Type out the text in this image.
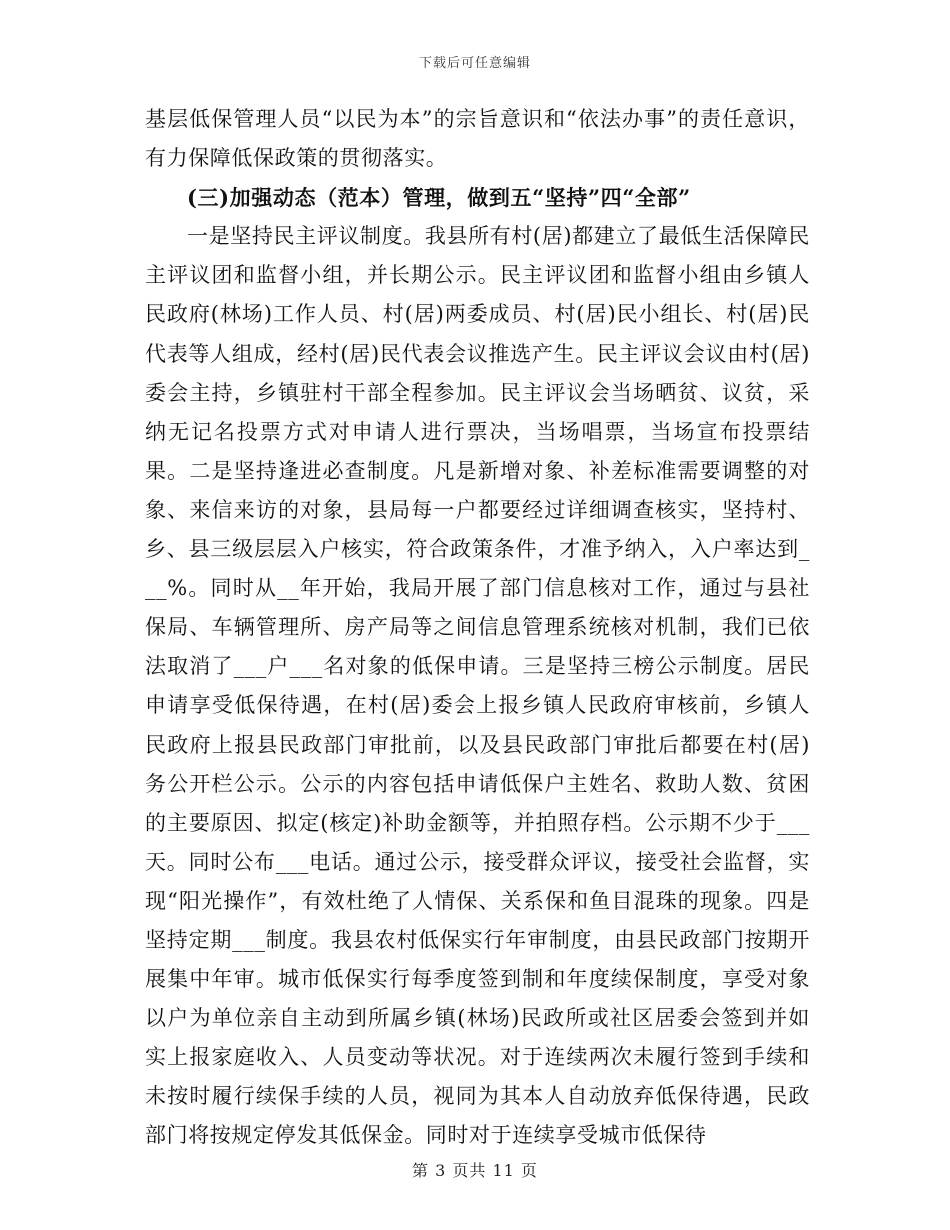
下载后可任意编辑

基层低保管理人员“以民为本”的宗旨意识和“依法办事”的责任意识，有力保障低保政策的贯彻落实。

(三)加强动态（范本）管理，做到五“坚持”四“全部”

一是坚持民主评议制度。我县所有村(居)都建立了最低生活保障民主评议团和监督小组，并长期公示。民主评议团和监督小组由乡镇人民政府(林场)工作人员、村(居)两委成员、村(居)民小组长、村(居)民代表等人组成，经村(居)民代表会议推选产生。民主评议会议由村(居)委会主持，乡镇驻村干部全程参加。民主评议会当场晒贫、议贫，采纳无记名投票方式对申请人进行票决，当场唱票，当场宣布投票结果。二是坚持逢进必查制度。凡是新增对象、补差标准需要调整的对象、来信来访的对象，县局每一户都要经过详细调查核实，坚持村、乡、县三级层层入户核实，符合政策条件，才准予纳入，入户率达到___%。同时从__年开始，我局开展了部门信息核对工作，通过与县社保局、车辆管理所、房产局等之间信息管理系统核对机制，我们已依法取消了___户___名对象的低保申请。三是坚持三榜公示制度。居民申请享受低保待遇，在村(居)委会上报乡镇人民政府审核前，乡镇人民政府上报县民政部门审批前，以及县民政部门审批后都要在村(居)务公开栏公示。公示的内容包括申请低保户主姓名、救助人数、贫困的主要原因、拟定(核定)补助金额等，并拍照存档。公示期不少于___天。同时公布___电话。通过公示，接受群众评议，接受社会监督，实现“阳光操作”，有效杜绝了人情保、关系保和鱼目混珠的现象。四是坚持定期___制度。我县农村低保实行年审制度，由县民政部门按期开展集中年审。城市低保实行每季度签到制和年度续保制度，享受对象以户为单位亲自主动到所属乡镇(林场)民政所或社区居委会签到并如实上报家庭收入、人员变动等状况。对于连续两次未履行签到手续和未按时履行续保手续的人员，视同为其本人自动放弃低保待遇，民政部门将按规定停发其低保金。同时对于连续享受城市低保待

第 3 页共 11 页
